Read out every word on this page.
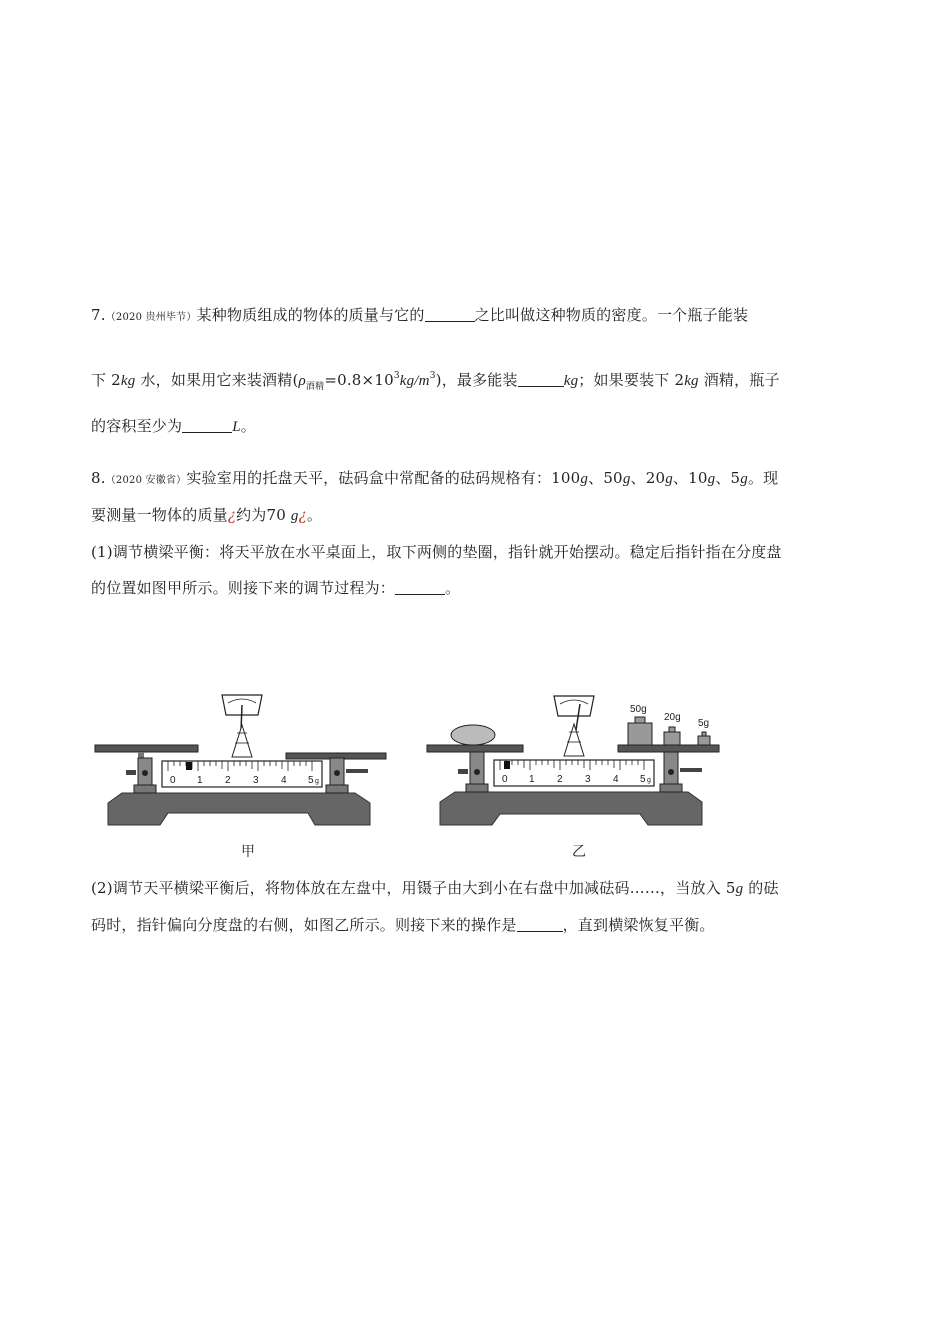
7.（2020 贵州毕节）某种物质组成的物体的质量与它的	之比叫做这种物质的密度。一个瓶子能装
下 2kg 水，如果用它来装酒精$(\rho_{酒精}=0.8\times 10^3kg/m^3)$，最多能装	kg；如果要装下 2kg 酒精，瓶子
的容积至少为	L。
8.（2020 安徽省）实验室用的托盘天平，砝码盒中常配备的砝码规格有：100g、50g、20g、10g、5g。现
要测量一物体的质量¿约为70 g¿。
(1)调节横梁平衡：将天平放在水平桌面上，取下两侧的垫圈，指针就开始摆动。稳定后指针指在分度盘
的位置如图甲所示。则接下来的调节过程为：	。
0 1 2 3 4 5 g
甲
50g
20g
5g
0 1 2 3 4 5 g
乙
(2)调节天平横梁平衡后，将物体放在左盘中，用镊子由大到小在右盘中加减砝码……，当放入 5g 的砝
码时，指针偏向分度盘的右侧，如图乙所示。则接下来的操作是	，直到横梁恢复平衡。
